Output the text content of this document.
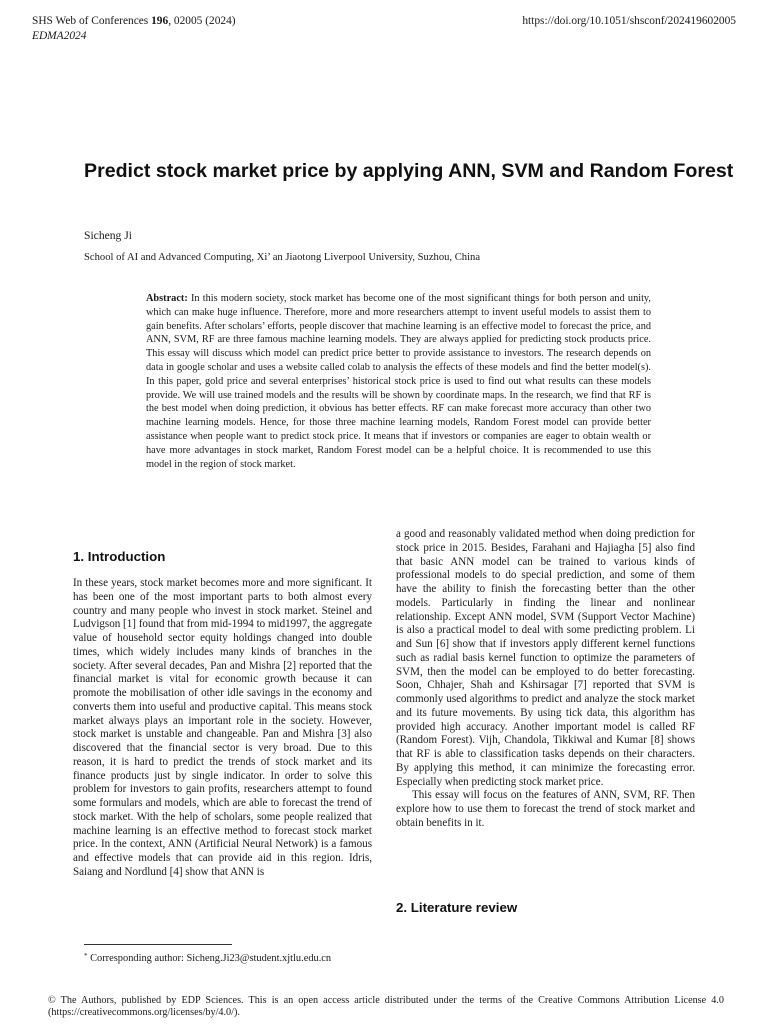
SHS Web of Conferences 196, 02005 (2024)
EDMA2024
https://doi.org/10.1051/shsconf/202419602005
Predict stock market price by applying ANN, SVM and Random Forest
Sicheng Ji
School of AI and Advanced Computing, Xi’ an Jiaotong Liverpool University, Suzhou, China
Abstract: In this modern society, stock market has become one of the most significant things for both person and unity, which can make huge influence. Therefore, more and more researchers attempt to invent useful models to assist them to gain benefits. After scholars’ efforts, people discover that machine learning is an effective model to forecast the price, and ANN, SVM, RF are three famous machine learning models. They are always applied for predicting stock products price. This essay will discuss which model can predict price better to provide assistance to investors. The research depends on data in google scholar and uses a website called colab to analysis the effects of these models and find the better model(s). In this paper, gold price and several enterprises’ historical stock price is used to find out what results can these models provide. We will use trained models and the results will be shown by coordinate maps. In the research, we find that RF is the best model when doing prediction, it obvious has better effects. RF can make forecast more accuracy than other two machine learning models. Hence, for those three machine learning models, Random Forest model can provide better assistance when people want to predict stock price. It means that if investors or companies are eager to obtain wealth or have more advantages in stock market, Random Forest model can be a helpful choice. It is recommended to use this model in the region of stock market.
1. Introduction

In these years, stock market becomes more and more significant. It has been one of the most important parts to both almost every country and many people who invest in stock market. Steinel and Ludvigson [1] found that from mid-1994 to mid1997, the aggregate value of household sector equity holdings changed into double times, which widely includes many kinds of branches in the society. After several decades, Pan and Mishra [2] reported that the financial market is vital for economic growth because it can promote the mobilisation of other idle savings in the economy and converts them into useful and productive capital. This means stock market always plays an important role in the society. However, stock market is unstable and changeable. Pan and Mishra [3] also discovered that the financial sector is very broad. Due to this reason, it is hard to predict the trends of stock market and its finance products just by single indicator. In order to solve this problem for investors to gain profits, researchers attempt to found some formulars and models, which are able to forecast the trend of stock market. With the help of scholars, some people realized that machine learning is an effective method to forecast stock market price. In the context, ANN (Artificial Neural Network) is a famous and effective models that can provide aid in this region. Idris, Saiang and Nordlund [4] show that ANN is

a good and reasonably validated method when doing prediction for stock price in 2015. Besides, Farahani and Hajiagha [5] also find that basic ANN model can be trained to various kinds of professional models to do special prediction, and some of them have the ability to finish the forecasting better than the other models. Particularly in finding the linear and nonlinear relationship. Except ANN model, SVM (Support Vector Machine) is also a practical model to deal with some predicting problem. Li and Sun [6] show that if investors apply different kernel functions such as radial basis kernel function to optimize the parameters of SVM, then the model can be employed to do better forecasting. Soon, Chhajer, Shah and Kshirsagar [7] reported that SVM is commonly used algorithms to predict and analyze the stock market and its future movements. By using tick data, this algorithm has provided high accuracy. Another important model is called RF (Random Forest). Vijh, Chandola, Tikkiwal and Kumar [8] shows that RF is able to classification tasks depends on their characters. By applying this method, it can minimize the forecasting error. Especially when predicting stock market price.

This essay will focus on the features of ANN, SVM, RF. Then explore how to use them to forecast the trend of stock market and obtain benefits in it.

2. Literature review
* Corresponding author: Sicheng.Ji23@student.xjtlu.edu.cn
© The Authors, published by EDP Sciences. This is an open access article distributed under the terms of the Creative Commons Attribution License 4.0 (https://creativecommons.org/licenses/by/4.0/).
